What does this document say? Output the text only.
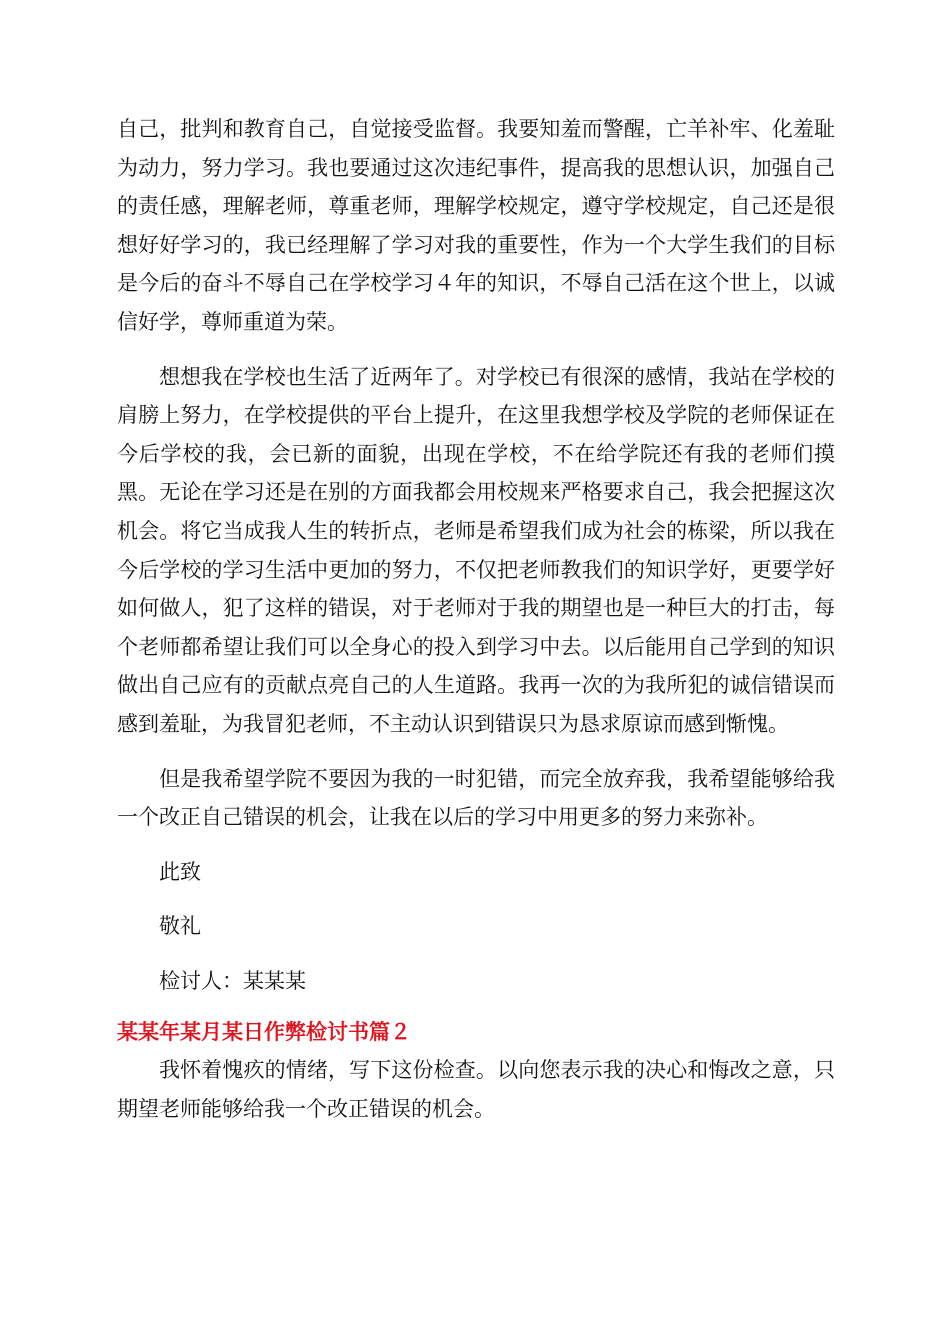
自己，批判和教育自己，自觉接受监督。我要知羞而警醒，亡羊补牢、化羞耻为动力，努力学习。我也要通过这次违纪事件，提高我的思想认识，加强自己的责任感，理解老师，尊重老师，理解学校规定，遵守学校规定，自己还是很想好好学习的，我已经理解了学习对我的重要性，作为一个大学生我们的目标是今后的奋斗不辱自己在学校学习４年的知识，不辱自己活在这个世上，以诚信好学，尊师重道为荣。

想想我在学校也生活了近两年了。对学校已有很深的感情，我站在学校的肩膀上努力，在学校提供的平台上提升，在这里我想学校及学院的老师保证在今后学校的我，会已新的面貌，出现在学校，不在给学院还有我的老师们摸黑。无论在学习还是在别的方面我都会用校规来严格要求自己，我会把握这次机会。将它当成我人生的转折点，老师是希望我们成为社会的栋梁，所以我在今后学校的学习生活中更加的努力，不仅把老师教我们的知识学好，更要学好如何做人，犯了这样的错误，对于老师对于我的期望也是一种巨大的打击，每个老师都希望让我们可以全身心的投入到学习中去。以后能用自己学到的知识做出自己应有的贡献点亮自己的人生道路。我再一次的为我所犯的诚信错误而感到羞耻，为我冒犯老师，不主动认识到错误只为恳求原谅而感到惭愧。

但是我希望学院不要因为我的一时犯错，而完全放弃我，我希望能够给我一个改正自己错误的机会，让我在以后的学习中用更多的努力来弥补。

此致

敬礼

检讨人：某某某

某某年某月某日作弊检讨书篇２

我怀着愧疚的情绪，写下这份检查。以向您表示我的决心和悔改之意，只期望老师能够给我一个改正错误的机会。
